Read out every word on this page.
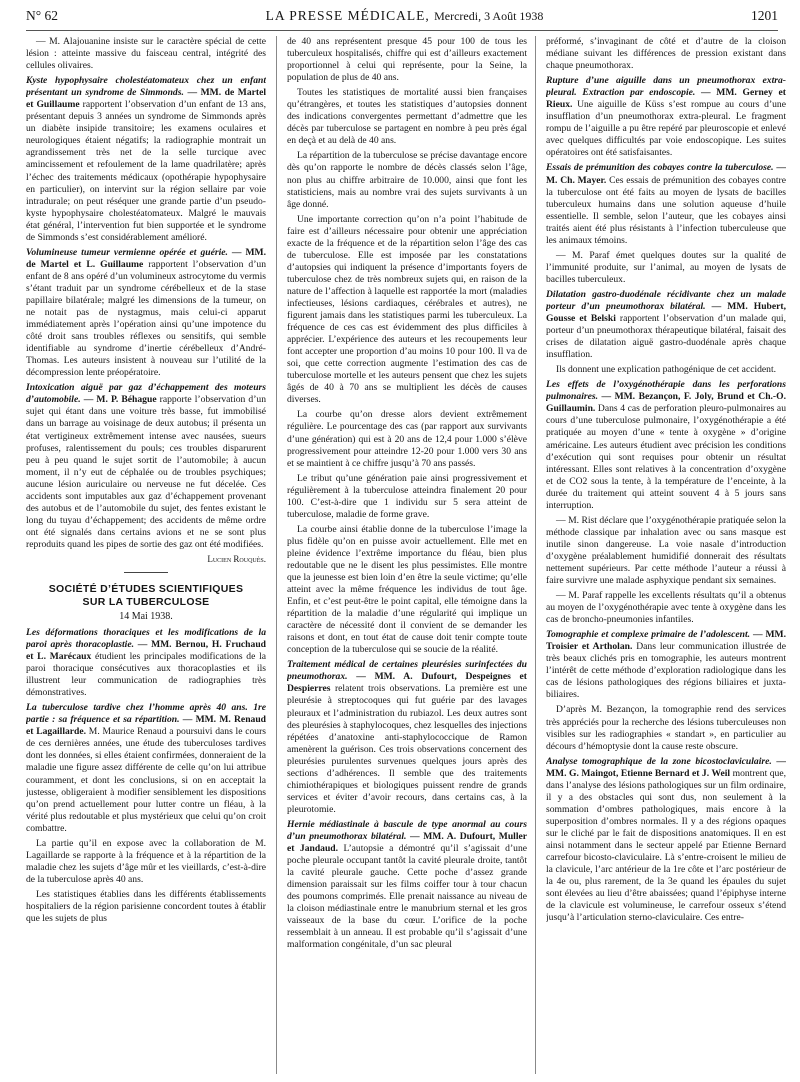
N° 62	LA PRESSE MÉDICALE, Mercredi, 3 Août 1938	1201

— M. Alajouanine insiste sur le caractère spécial de cette lésion : atteinte massive du faisceau central, intégrité des cellules olivaires.

Kyste hypophysaire cholestéatomateux chez un enfant présentant un syndrome de Simmonds. — MM. de Martel et Guillaume rapportent l’observation d’un enfant de 13 ans, présentant depuis 3 années un syndrome de Simmonds après un diabète insipide transitoire; les examens oculaires et neurologiques étaient négatifs; la radiographie montrait un agrandissement très net de la selle turcique avec amincissement et refoulement de la lame quadrilatère; après l’échec des traitements médicaux (opothérapie hypophysaire en particulier), on intervint sur la région sellaire par voie intradurale; on peut réséquer une grande partie d’un pseudo-kyste hypophysaire cholestéatomateux. Malgré le mauvais état général, l’intervention fut bien supportée et le syndrome de Simmonds s’est considérablement amélioré.

Volumineuse tumeur vermienne opérée et guérie. — MM. de Martel et L. Guillaume rapportent l’observation d’un enfant de 8 ans opéré d’un volumineux astrocytome du vermis s’étant traduit par un syndrome cérébelleux et de la stase papillaire bilatérale; malgré les dimensions de la tumeur, on ne notait pas de nystagmus, mais celui-ci apparut immédiatement après l’opération ainsi qu’une impotence du côté droit sans troubles réflexes ou sensitifs, qui semble identifiable au syndrome d’inertie cérébelleux d’André-Thomas. Les auteurs insistent à nouveau sur l’utilité de la décompression lente préopératoire.

Intoxication aiguë par gaz d’échappement des moteurs d’automobile. — M. P. Béhague rapporte l’observation d’un sujet qui étant dans une voiture très basse, fut immobilisé dans un barrage au voisinage de deux autobus; il présenta un état vertigineux extrêmement intense avec nausées, sueurs profuses, ralentissement du pouls; ces troubles disparurent peu à peu quand le sujet sortit de l’automobile; à aucun moment, il n’y eut de céphalée ou de troubles psychiques; aucune lésion auriculaire ou nerveuse ne fut décelée. Ces accidents sont imputables aux gaz d’échappement provenant des autobus et de l’automobile du sujet, des fentes existant le long du tuyau d’échappement; des accidents de même ordre ont été signalés dans certains avions et ne se sont plus reproduits quand les pipes de sortie des gaz ont été modifiées.

Lucien Rouquès.
SOCIÉTÉ D’ÉTUDES SCIENTIFIQUES
SUR LA TUBERCULOSE
14 Mai 1938.

Les déformations thoraciques et les modifications de la paroi après thoracoplastie. — MM. Bernou, H. Fruchaud et L. Marécaux étudient les principales modifications de la paroi thoracique consécutives aux thoracoplasties et ils illustrent leur communication de radiographies très démonstratives.

La tuberculose tardive chez l’homme après 40 ans. 1re partie : sa fréquence et sa répartition. — MM. M. Renaud et Lagaillarde. M. Maurice Renaud a poursuivi dans le cours de ces dernières années, une étude des tuberculoses tardives dont les données, si elles étaient confirmées, donneraient de la maladie une figure assez différente de celle qu’on lui attribue couramment, et dont les conclusions, si on en acceptait la justesse, obligeraient à modifier sensiblement les dispositions qu’on prend actuellement pour lutter contre un fléau, à la vérité plus redoutable et plus mystérieux que celui qu’on croit combattre.

La partie qu’il en expose avec la collaboration de M. Lagaillarde se rapporte à la fréquence et à la répartition de la maladie chez les sujets d’âge mûr et les vieillards, c’est-à-dire de la tuberculose après 40 ans.

Les statistiques établies dans les différents établissements hospitaliers de la région parisienne concordent toutes à établir que les sujets de plus

de 40 ans représentent presque 45 pour 100 de tous les tuberculeux hospitalisés, chiffre qui est d’ailleurs exactement proportionnel à celui qui représente, pour la Seine, la population de plus de 40 ans.

Toutes les statistiques de mortalité aussi bien françaises qu’étrangères, et toutes les statistiques d’autopsies donnent des indications convergentes permettant d’admettre que les décès par tuberculose se partagent en nombre à peu près égal en deçà et au delà de 40 ans.

La répartition de la tuberculose se précise davantage encore dès qu’on rapporte le nombre de décès classés selon l’âge, non plus au chiffre arbitraire de 10.000, ainsi que font les statisticiens, mais au nombre vrai des sujets survivants à un âge donné.

Une importante correction qu’on n’a point l’habitude de faire est d’ailleurs nécessaire pour obtenir une appréciation exacte de la fréquence et de la répartition selon l’âge des cas de tuberculose. Elle est imposée par les constatations d’autopsies qui indiquent la présence d’importants foyers de tuberculose chez de très nombreux sujets qui, en raison de la nature de l’affection à laquelle est rapportée la mort (maladies infectieuses, lésions cardiaques, cérébrales et autres), ne figurent jamais dans les statistiques parmi les tuberculeux. La fréquence de ces cas est évidemment des plus difficiles à apprécier. L’expérience des auteurs et les recoupements leur font accepter une proportion d’au moins 10 pour 100. Il va de soi, que cette correction augmente l’estimation des cas de tuberculose mortelle et les auteurs pensent que chez les sujets âgés de 40 à 70 ans se multiplient les décès de causes diverses.

La courbe qu’on dresse alors devient extrêmement régulière. Le pourcentage des cas (par rapport aux survivants d’une génération) qui est à 20 ans de 12,4 pour 1.000 s’élève progressivement pour atteindre 12-20 pour 1.000 vers 30 ans et se maintient à ce chiffre jusqu’à 70 ans passés.

Le tribut qu’une génération paie ainsi progressivement et régulièrement à la tuberculose atteindra finalement 20 pour 100. C’est-à-dire que 1 individu sur 5 sera atteint de tuberculose, maladie de forme grave.

La courbe ainsi établie donne de la tuberculose l’image la plus fidèle qu’on en puisse avoir actuellement. Elle met en pleine évidence l’extrême importance du fléau, bien plus redoutable que ne le disent les plus pessimistes. Elle montre que la jeunesse est bien loin d’en être la seule victime; qu’elle atteint avec la même fréquence les individus de tout âge. Enfin, et c’est peut-être le point capital, elle témoigne dans la répartition de la maladie d’une régularité qui implique un caractère de nécessité dont il convient de se demander les raisons et dont, en tout état de cause doit tenir compte toute conception de la tuberculose qui se soucie de la réalité.

Traitement médical de certaines pleurésies surinfectées du pneumothorax. — MM. A. Dufourt, Despeignes et Despierres relatent trois observations. La première est une pleurésie à streptocoques qui fut guérie par des lavages pleuraux et l’administration du rubiazol. Les deux autres sont des pleurésies à staphylocoques, chez lesquelles des injections répétées d’anatoxine anti-staphylococcique de Ramon amenèrent la guérison. Ces trois observations concernent des pleurésies purulentes survenues quelques jours après des sections d’adhérences. Il semble que des traitements chimiothérapiques et biologiques puissent rendre de grands services et éviter d’avoir recours, dans certains cas, à la pleurotomie.

Hernie médiastinale à bascule de type anormal au cours d’un pneumothorax bilatéral. — MM. A. Dufourt, Muller et Jandaud. L’autopsie a démontré qu’il s’agissait d’une poche pleurale occupant tantôt la cavité pleurale droite, tantôt la cavité pleurale gauche. Cette poche d’assez grande dimension paraissait sur les films coiffer tour à tour chacun des poumons comprimés. Elle prenait naissance au niveau de la cloison médiastinale entre le manubrium sternal et les gros vaisseaux de la base du cœur. L’orifice de la poche ressemblait à un anneau. Il est probable qu’il s’agissait d’une malformation congénitale, d’un sac pleural

préformé, s’invaginant de côté et d’autre de la cloison médiane suivant les différences de pression existant dans chaque pneumothorax.

Rupture d’une aiguille dans un pneumothorax extra-pleural. Extraction par endoscopie. — MM. Gerney et Rieux. Une aiguille de Küss s’est rompue au cours d’une insufflation d’un pneumothorax extra-pleural. Le fragment rompu de l’aiguille a pu être repéré par pleuroscopie et enlevé avec quelques difficultés par voie endoscopique. Les suites opératoires ont été satisfaisantes.

Essais de prémunition des cobayes contre la tuberculose. — M. Ch. Mayer. Ces essais de prémunition des cobayes contre la tuberculose ont été faits au moyen de lysats de bacilles tuberculeux humains dans une solution aqueuse d’huile essentielle. Il semble, selon l’auteur, que les cobayes ainsi traités aient été plus résistants à l’infection tuberculeuse que les animaux témoins.

— M. Paraf émet quelques doutes sur la qualité de l’immunité produite, sur l’animal, au moyen de lysats de bacilles tuberculeux.

Dilatation gastro-duodénale récidivante chez un malade porteur d’un pneumothorax bilatéral. — MM. Hubert, Gousse et Belski rapportent l’observation d’un malade qui, porteur d’un pneumothorax thérapeutique bilatéral, faisait des crises de dilatation aiguë gastro-duodénale après chaque insufflation.

Ils donnent une explication pathogénique de cet accident.

Les effets de l’oxygénothérapie dans les perforations pulmonaires. — MM. Bezançon, F. Joly, Brund et Ch.-O. Guillaumin. Dans 4 cas de perforation pleuro-pulmonaires au cours d’une tuberculose pulmonaire, l’oxygénothérapie a été pratiquée au moyen d’une « tente à oxygène » d’origine américaine. Les auteurs étudient avec précision les conditions d’exécution qui sont requises pour obtenir un résultat intéressant. Elles sont relatives à la concentration d’oxygène et de CO2 sous la tente, à la température de l’enceinte, à la durée du traitement qui atteint souvent 4 à 5 jours sans interruption.

— M. Rist déclare que l’oxygénothérapie pratiquée selon la méthode classique par inhalation avec ou sans masque est inutile sinon dangereuse. La voie nasale d’introduction d’oxygène préalablement humidifié donnerait des résultats nettement supérieurs. Par cette méthode l’auteur a réussi à faire survivre une malade asphyxique pendant six semaines.

— M. Paraf rappelle les excellents résultats qu’il a obtenus au moyen de l’oxygénothérapie avec tente à oxygène dans les cas de broncho-pneumonies infantiles.

Tomographie et complexe primaire de l’adolescent. — MM. Troisier et Artholan. Dans leur communication illustrée de très beaux clichés pris en tomographie, les auteurs montrent l’intérêt de cette méthode d’exploration radiologique dans les cas de lésions pathologiques des régions biliaires et juxta-biliaires.

D’après M. Bezançon, la tomographie rend des services très appréciés pour la recherche des lésions tuberculeuses non visibles sur les radiographies « standart », en particulier au décours d’hémoptysie dont la cause reste obscure.

Analyse tomographique de la zone bicostoclaviculaire. — MM. G. Maingot, Etienne Bernard et J. Weil montrent que, dans l’analyse des lésions pathologiques sur un film ordinaire, il y a des obstacles qui sont dus, non seulement à la sommation d’ombres pathologiques, mais encore à la superposition d’ombres normales. Il y a des régions opaques sur le cliché par le fait de dispositions anatomiques. Il en est ainsi notamment dans le secteur appelé par Etienne Bernard carrefour bicosto-claviculaire. Là s’entre-croisent le milieu de la clavicule, l’arc antérieur de la 1re côte et l’arc postérieur de la 4e ou, plus rarement, de la 3e quand les épaules du sujet sont élevées au lieu d’être abaissées; quand l’épiphyse interne de la clavicule est volumineuse, le carrefour osseux s’étend jusqu’à l’articulation sterno-claviculaire. Ces entre-
